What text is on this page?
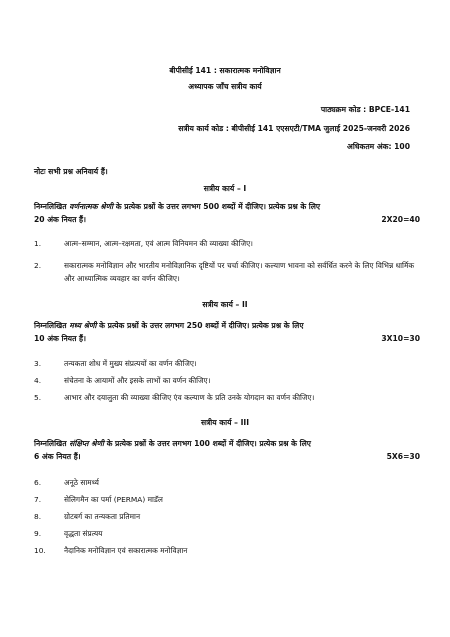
बीपीसीई 141 : सकारात्मक मनोविज्ञान
अध्यापक जाँच सत्रीय कार्य
पाठ्यक्रम कोड : BPCE-141
सत्रीय कार्य कोड : बीपीसीई 141 एएसएटी/TMA जुलाई 2025-जनवरी 2026
अधिकतम अंक: 100
नोटः सभी प्रश्न अनिवार्य हैं।
सत्रीय कार्य – I
निम्नलिखित वर्णनात्मक श्रेणी के प्रत्येक प्रश्नों के उत्तर लगभग 500 शब्दों में दीजिए। प्रत्येक प्रश्न के लिए
20 अंक नियत हैं।	2X20=40
1.	आत्म–सम्मान, आत्म–रक्षमता, एवं आत्म विनियमन की व्याख्या कीजिए।
2.	सकारात्मक मनोविज्ञान और भारतीय मनोविज्ञानिक दृष्टियों पर चर्चा कीजिए। कल्याण भावना को सर्वर्धित करने के लिए विभिन्न धार्मिक और आध्यात्मिक व्यवहार का वर्णन कीजिए।
सत्रीय कार्य – II
निम्नलिखित मध्य श्रेणी के प्रत्येक प्रश्नों के उत्तर लगभग 250 शब्दों में दीजिए। प्रत्येक प्रश्न के लिए
10 अंक नियत हैं।	3X10=30
3.	तन्यकता शोध में मुख्य संप्रत्ययों का वर्णन कीजिए।
4.	संचेतना के आयामों और इसके लाभों का वर्णन कीजिए।
5.	आभार और दयालुता की व्याख्या कीजिए एंव कल्याण के प्रति उनके योगदान का वर्णन कीजिए।
सत्रीय कार्य – III
निम्नलिखित संक्षिप्त श्रेणी के प्रत्येक प्रश्नों के उत्तर लगभग 100 शब्दों में दीजिए। प्रत्येक प्रश्न के लिए
6 अंक नियत हैं।	5X6=30
6.	अनूठे सामर्थ्य
7.	सेलिगमैन का पर्मा (PERMA) माडॅल
8.	ग्रोटबर्ग का तन्यकता प्रतिमान
9.	वृद्धता संप्रत्यय
10.	नैदानिक मनोविज्ञान एवं सकारात्मक मनोविज्ञान
